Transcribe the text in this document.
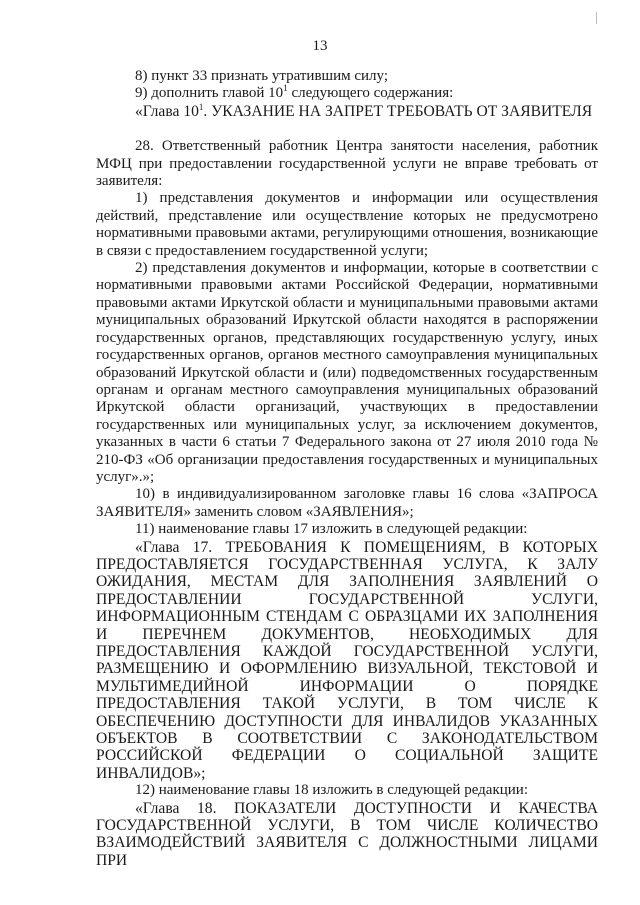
13

8) пункт 33 признать утратившим силу;

9) дополнить главой $10^1$ следующего содержания:

«Глава $10^1$. УКАЗАНИЕ НА ЗАПРЕТ ТРЕБОВАТЬ ОТ ЗАЯВИТЕЛЯ

28. Ответственный работник Центра занятости населения, работник МФЦ при предоставлении государственной услуги не вправе требовать от заявителя:

1) представления документов и информации или осуществления действий, представление или осуществление которых не предусмотрено нормативными правовыми актами, регулирующими отношения, возникающие в связи с предоставлением государственной услуги;

2) представления документов и информации, которые в соответствии с нормативными правовыми актами Российской Федерации, нормативными правовыми актами Иркутской области и муниципальными правовыми актами муниципальных образований Иркутской области находятся в распоряжении государственных органов, представляющих государственную услугу, иных государственных органов, органов местного самоуправления муниципальных образований Иркутской области и (или) подведомственных государственным органам и органам местного самоуправления муниципальных образований Иркутской области организаций, участвующих в предоставлении государственных или муниципальных услуг, за исключением документов, указанных в части 6 статьи 7 Федерального закона от 27 июля 2010 года № 210-ФЗ «Об организации предоставления государственных и муниципальных услуг».»;

10) в индивидуализированном заголовке главы 16 слова «ЗАПРОСА ЗАЯВИТЕЛЯ» заменить словом «ЗАЯВЛЕНИЯ»;

11) наименование главы 17 изложить в следующей редакции:

«Глава 17. ТРЕБОВАНИЯ К ПОМЕЩЕНИЯМ, В КОТОРЫХ ПРЕДОСТАВЛЯЕТСЯ ГОСУДАРСТВЕННАЯ УСЛУГА, К ЗАЛУ ОЖИДАНИЯ, МЕСТАМ ДЛЯ ЗАПОЛНЕНИЯ ЗАЯВЛЕНИЙ О ПРЕДОСТАВЛЕНИИ ГОСУДАРСТВЕННОЙ УСЛУГИ, ИНФОРМАЦИОННЫМ СТЕНДАМ С ОБРАЗЦАМИ ИХ ЗАПОЛНЕНИЯ И ПЕРЕЧНЕМ ДОКУМЕНТОВ, НЕОБХОДИМЫХ ДЛЯ ПРЕДОСТАВЛЕНИЯ КАЖДОЙ ГОСУДАРСТВЕННОЙ УСЛУГИ, РАЗМЕЩЕНИЮ И ОФОРМЛЕНИЮ ВИЗУАЛЬНОЙ, ТЕКСТОВОЙ И МУЛЬТИМЕДИЙНОЙ ИНФОРМАЦИИ О ПОРЯДКЕ ПРЕДОСТАВЛЕНИЯ ТАКОЙ УСЛУГИ, В ТОМ ЧИСЛЕ К ОБЕСПЕЧЕНИЮ ДОСТУПНОСТИ ДЛЯ ИНВАЛИДОВ УКАЗАННЫХ ОБЪЕКТОВ В СООТВЕТСТВИИ С ЗАКОНОДАТЕЛЬСТВОМ РОССИЙСКОЙ ФЕДЕРАЦИИ О СОЦИАЛЬНОЙ ЗАЩИТЕ ИНВАЛИДОВ»;

12) наименование главы 18 изложить в следующей редакции:

«Глава 18. ПОКАЗАТЕЛИ ДОСТУПНОСТИ И КАЧЕСТВА ГОСУДАРСТВЕННОЙ УСЛУГИ, В ТОМ ЧИСЛЕ КОЛИЧЕСТВО ВЗАИМОДЕЙСТВИЙ ЗАЯВИТЕЛЯ С ДОЛЖНОСТНЫМИ ЛИЦАМИ ПРИ
